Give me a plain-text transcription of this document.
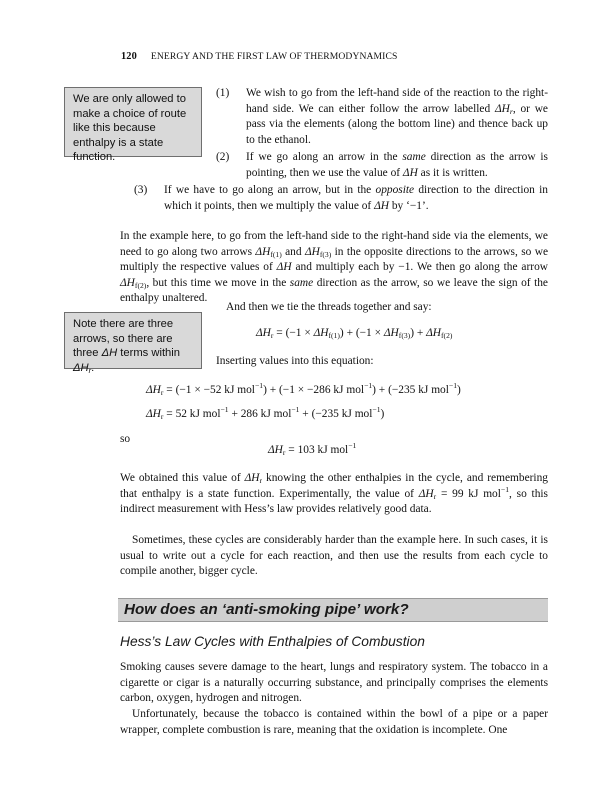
120 ENERGY AND THE FIRST LAW OF THERMODYNAMICS
We are only allowed to make a choice of route like this because enthalpy is a state function.
(1)	We wish to go from the left-hand side of the reaction to the right-hand side. We can either follow the arrow labelled $\Delta H_r$, or we pass via the elements (along the bottom line) and thence back up to the ethanol.
(2)	If we go along an arrow in the same direction as the arrow is pointing, then we use the value of ΔH as it is written.
(3)	If we have to go along an arrow, but in the opposite direction to the direction in which it points, then we multiply the value of ΔH by ‘−1’.
In the example here, to go from the left-hand side to the right-hand side via the elements, we need to go along two arrows $\Delta H_{f(1)}$ and $\Delta H_{f(3)}$ in the opposite directions to the arrows, so we multiply the respective values of ΔH and multiply each by −1. We then go along the arrow $\Delta H_{f(2)}$, but this time we move in the same direction as the arrow, so we leave the sign of the enthalpy unaltered.
And then we tie the threads together and say:
Note there are three arrows, so there are three ΔH terms within $\Delta H_r$.
$\Delta H_r = (-1 \times \Delta H_{f(1)}) + (-1 \times \Delta H_{f(3)}) + \Delta H_{f(2)}$
Inserting values into this equation:
$\Delta H_r = (-1 \times -52$ kJ mol$^{-1}$) + (−1 × −286 kJ mol$^{-1}$) + (−235 kJ mol$^{-1}$)
$\Delta H_r = 52$ kJ mol$^{-1}$ + 286 kJ mol$^{-1}$ + (−235 kJ mol$^{-1}$)
so
$\Delta H_r = 103$ kJ mol$^{-1}$
We obtained this value of $\Delta H_r$ knowing the other enthalpies in the cycle, and remembering that enthalpy is a state function. Experimentally, the value of $\Delta H_r = 99$ kJ mol$^{-1}$, so this indirect measurement with Hess’s law provides relatively good data.
Sometimes, these cycles are considerably harder than the example here. In such cases, it is usual to write out a cycle for each reaction, and then use the results from each cycle to compile another, bigger cycle.
How does an ‘anti-smoking pipe’ work?
Hess’s Law Cycles with Enthalpies of Combustion
Smoking causes severe damage to the heart, lungs and respiratory system. The tobacco in a cigarette or cigar is a naturally occurring substance, and principally comprises the elements carbon, oxygen, hydrogen and nitrogen.
Unfortunately, because the tobacco is contained within the bowl of a pipe or a paper wrapper, complete combustion is rare, meaning that the oxidation is incomplete. One
